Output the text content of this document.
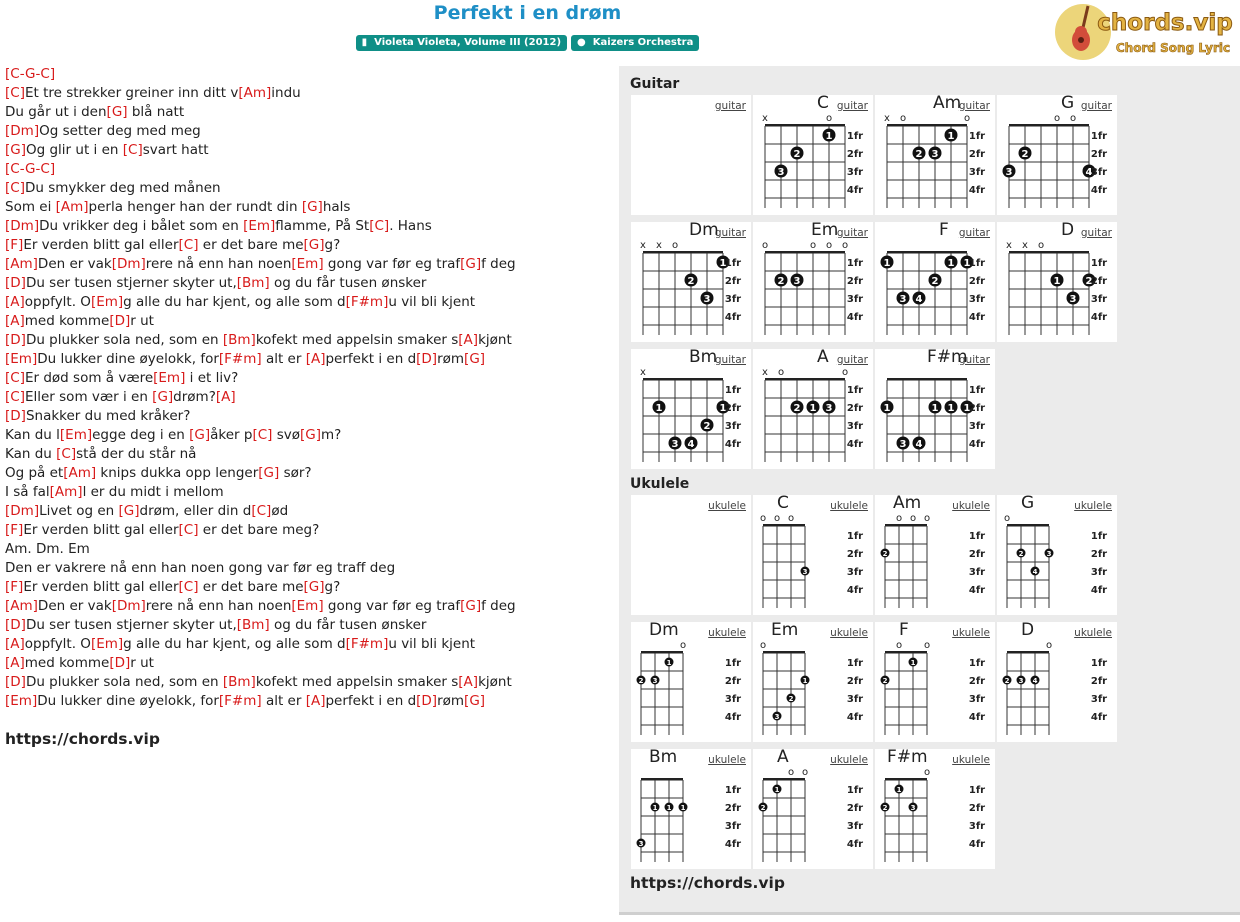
Perfekt i en drøm
▮ Violeta Violeta, Volume III (2012) ● Kaizers Orchestra
chords.vip
Chord Song Lyric
[C-G-C]
[C]Et tre strekker greiner inn ditt v[Am]indu
Du går ut i den[G] blå natt
[Dm]Og setter deg med meg
[G]Og glir ut i en [C]svart hatt
[C-G-C]
[C]Du smykker deg med månen
Som ei [Am]perla henger han der rundt din [G]hals
[Dm]Du vrikker deg i bålet som en [Em]flamme, På St[C]. Hans
[F]Er verden blitt gal eller[C] er det bare me[G]g?
[Am]Den er vak[Dm]rere nå enn han noen[Em] gong var før eg traf[G]f deg
[D]Du ser tusen stjerner skyter ut,[Bm] og du får tusen ønsker
[A]oppfylt. O[Em]g alle du har kjent, og alle som d[F#m]u vil bli kjent
[A]med komme[D]r ut
[D]Du plukker sola ned, som en [Bm]kofekt med appelsin smaker s[A]kjønt
[Em]Du lukker dine øyelokk, for[F#m] alt er [A]perfekt i en d[D]røm[G]
[C]Er død som å være[Em] i et liv?
[C]Eller som vær i en [G]drøm?[A]
[D]Snakker du med kråker?
Kan du l[Em]egge deg i en [G]åker p[C] svø[G]m?
Kan du [C]stå der du står nå
Og på et[Am] knips dukka opp lenger[G] sør?
I så fal[Am]l er du midt i mellom
[Dm]Livet og en [G]drøm, eller din d[C]ød
[F]Er verden blitt gal eller[C] er det bare meg?
Am. Dm. Em
Den er vakrere nå enn han noen gong var før eg traff deg
[F]Er verden blitt gal eller[C] er det bare me[G]g?
[Am]Den er vak[Dm]rere nå enn han noen[Em] gong var før eg traf[G]f deg
[D]Du ser tusen stjerner skyter ut,[Bm] og du får tusen ønsker
[A]oppfylt. O[Em]g alle du har kjent, og alle som d[F#m]u vil bli kjent
[A]med komme[D]r ut
[D]Du plukker sola ned, som en [Bm]kofekt med appelsin smaker s[A]kjønt
[Em]Du lukker dine øyelokk, for[F#m] alt er [A]perfekt i en d[D]røm[G]
https://chords.vip
Guitar
guitar	guitar
C
x	o
1
2
3
1fr
2fr
3fr
4fr
guitar
Am
x o	o
1
2 3
1fr
2fr
3fr
4fr
guitar
G
o o
2
3	4
1fr
2fr
3fr
4fr
guitar
Dm
x x o
1
2
3
1fr
2fr
3fr
4fr
guitar
Em
o	o o o
2 3
1fr
2fr
3fr
4fr
guitar
F
1	1 1
2
3 4
1fr
2fr
3fr
4fr
guitar
D
x x o
1	2
3
1fr
2fr
3fr
4fr
guitar
Bm
x
1	1
2
3 4
1fr
2fr
3fr
4fr
guitar
A
x o	o
2 1 3
1fr
2fr
3fr
4fr
guitar
F#m
1	1 1 1
3 4
1fr
2fr
3fr
4fr
Ukulele
ukulele	ukulele
C
o o o
3
1fr
2fr
3fr
4fr
ukulele
Am
o o o
2
1fr
2fr
3fr
4fr
ukulele
G
o
2	3
4
1fr
2fr
3fr
4fr
ukulele
Dm
o
1
2 3
1fr
2fr
3fr
4fr
ukulele
Em
o
1
2
3
1fr
2fr
3fr
4fr
ukulele
F
o o
1
2
1fr
2fr
3fr
4fr
ukulele
D
o
2 3 4
1fr
2fr
3fr
4fr
ukulele
Bm
1 1 1
3
1fr
2fr
3fr
4fr
ukulele
A
o o
1
2
1fr
2fr
3fr
4fr
ukulele
F#m
o
1
2	3
1fr
2fr
3fr
4fr
https://chords.vip
